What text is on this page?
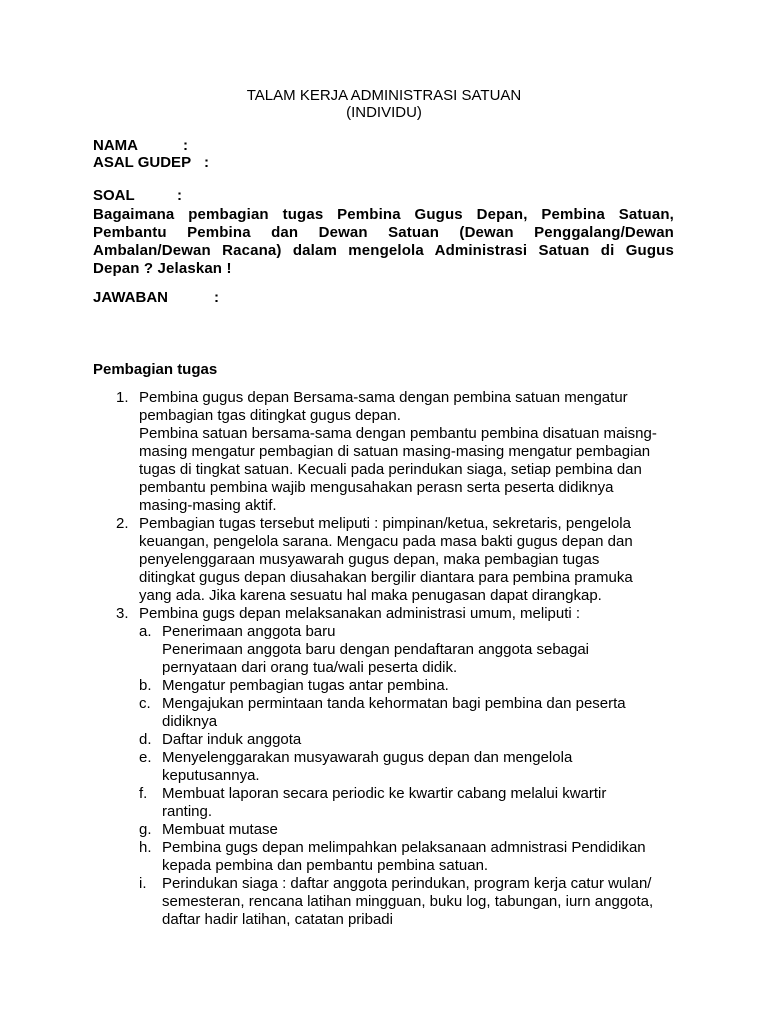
TALAM KERJA ADMINISTRASI SATUAN
(INDIVIDU)
NAMA	:
ASAL GUDEP :
SOAL	:
Bagaimana pembagian tugas Pembina Gugus Depan, Pembina Satuan, Pembantu Pembina dan Dewan Satuan (Dewan Penggalang/Dewan Ambalan/Dewan Racana) dalam mengelola Administrasi Satuan di Gugus Depan ? Jelaskan !
JAWABAN	:
Pembagian tugas
1. Pembina gugus depan Bersama-sama dengan pembina satuan mengatur
pembagian tgas ditingkat gugus depan.
Pembina satuan bersama-sama dengan pembantu pembina disatuan maisng-
masing mengatur pembagian di satuan masing-masing mengatur pembagian
tugas di tingkat satuan. Kecuali pada perindukan siaga, setiap pembina dan
pembantu pembina wajib mengusahakan perasn serta peserta didiknya
masing-masing aktif.
2. Pembagian tugas tersebut meliputi : pimpinan/ketua, sekretaris, pengelola
keuangan, pengelola sarana. Mengacu pada masa bakti gugus depan dan
penyelenggaraan musyawarah gugus depan, maka pembagian tugas
ditingkat gugus depan diusahakan bergilir diantara para pembina pramuka
yang ada. Jika karena sesuatu hal maka penugasan dapat dirangkap.
3. Pembina gugs depan melaksanakan administrasi umum, meliputi :
a. Penerimaan anggota baru
Penerimaan anggota baru dengan pendaftaran anggota sebagai
pernyataan dari orang tua/wali peserta didik.
b. Mengatur pembagian tugas antar pembina.
c. Mengajukan permintaan tanda kehormatan bagi pembina dan peserta
didiknya
d. Daftar induk anggota
e. Menyelenggarakan musyawarah gugus depan dan mengelola
keputusannya.
f. Membuat laporan secara periodic ke kwartir cabang melalui kwartir
ranting.
g. Membuat mutase
h. Pembina gugs depan melimpahkan pelaksanaan admnistrasi Pendidikan
kepada pembina dan pembantu pembina satuan.
i. Perindukan siaga : daftar anggota perindukan, program kerja catur wulan/
semesteran, rencana latihan mingguan, buku log, tabungan, iurn anggota,
daftar hadir latihan, catatan pribadi
